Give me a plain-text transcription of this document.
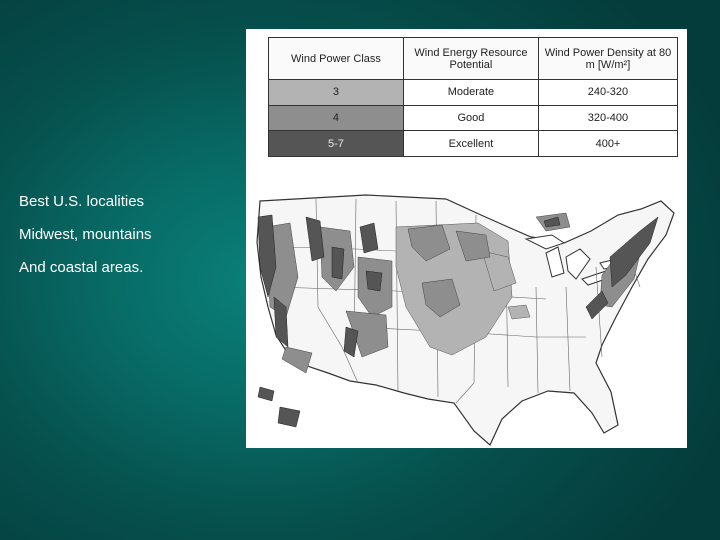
Best U.S. localities

Midwest, mountains

And coastal areas.

Wind Power Class	Wind Energy Resource Potential	Wind Power Density at 80 m [W/m²]
3	Moderate	240-320
4	Good	320-400
5-7	Excellent	400+
